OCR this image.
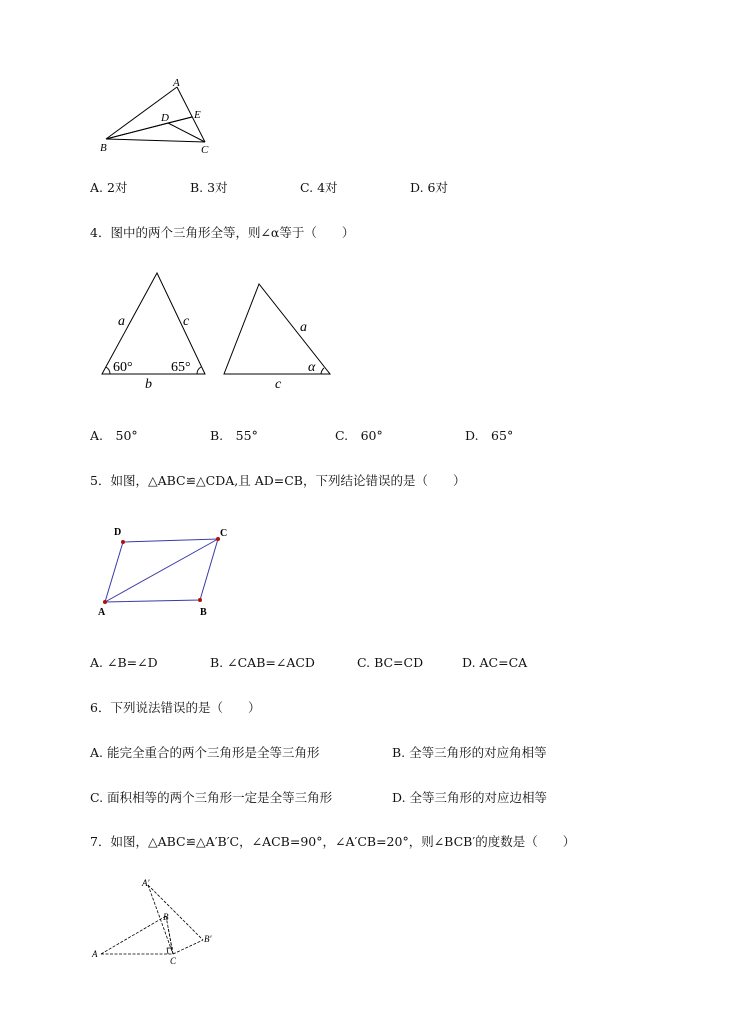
A
E
D
B	C
A. 2对	B. 3对	C. 4对	D. 6对
4．图中的两个三角形全等，则∠α等于（　　）
a	c
60°	65°
b
a
α
c
A.　50°	B.　55°	C.　60°	D.　65°
5．如图，△ABC≌△CDA,且 AD=CB，下列结论错误的是（　　）
D	C
A	B
A. ∠B=∠D	B. ∠CAB=∠ACD	C. BC=CD	D. AC=CA
6．下列说法错误的是（　　）
A. 能完全重合的两个三角形是全等三角形	B. 全等三角形的对应角相等
C. 面积相等的两个三角形一定是全等三角形	D. 全等三角形的对应边相等
7．如图，△ABC≌△A′B′C，∠ACB=90°，∠A′CB=20°，则∠BCB′的度数是（　　）
A′
B
B′
A
C
